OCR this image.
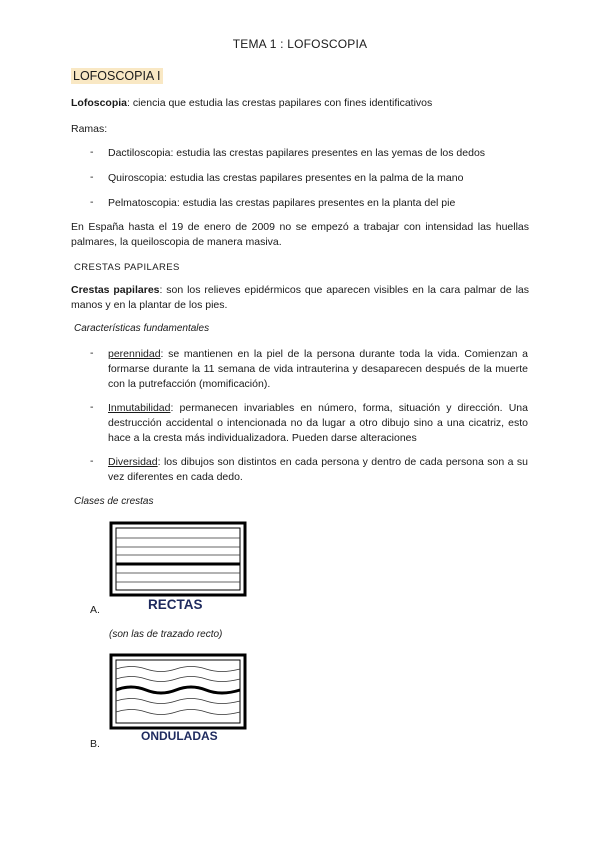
TEMA 1 : LOFOSCOPIA
LOFOSCOPIA I
Lofoscopia: ciencia que estudia las crestas papilares con fines identificativos
Ramas:
- Dactiloscopia: estudia las crestas papilares presentes en las yemas de los dedos
- Quiroscopia: estudia las crestas papilares presentes en la palma de la mano
- Pelmatoscopia: estudia las crestas papilares presentes en la planta del pie
En España hasta el 19 de enero de 2009 no se empezó a trabajar con intensidad las huellas palmares, la queiloscopia de manera masiva.
CRESTAS PAPILARES
Crestas papilares: son los relieves epidérmicos que aparecen visibles en la cara palmar de las manos y en la plantar de los pies.
Características fundamentales
- perennidad: se mantienen en la piel de la persona durante toda la vida. Comienzan a formarse durante la 11 semana de vida intrauterina y desaparecen después de la muerte con la putrefacción (momificación).
- Inmutabilidad: permanecen invariables en número, forma, situación y dirección. Una destrucción accidental o intencionada no da lugar a otro dibujo sino a una cicatriz, esto hace a la cresta más individualizadora. Pueden darse alteraciones
- Diversidad: los dibujos son distintos en cada persona y dentro de cada persona son a su vez diferentes en cada dedo.
Clases de crestas
A.	RECTAS
(son las de trazado recto)
ONDULADAS
B.
